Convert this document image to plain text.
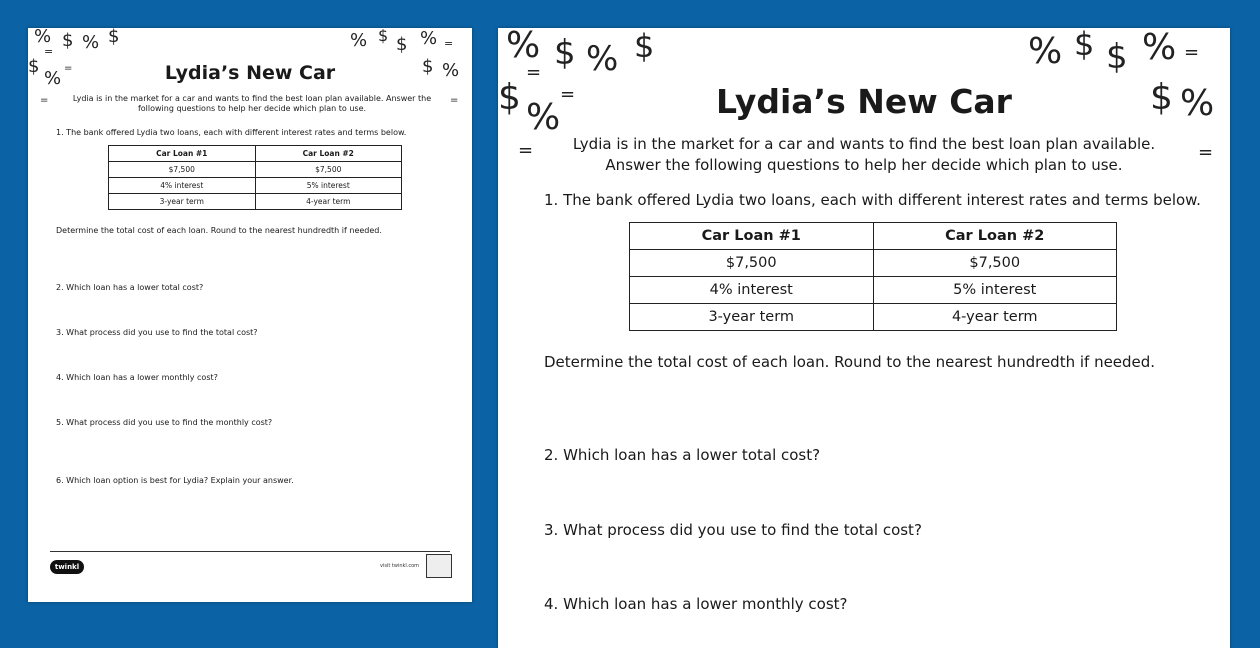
% $ % $
=
$
% =
=
% $ $ % =
$ %
=
Lydia’s New Car
Lydia is in the market for a car and wants to find the best loan plan available. Answer the following questions to help her decide which plan to use.
1. The bank offered Lydia two loans, each with different interest rates and terms below.
Car Loan #1	Car Loan #2
$7,500	$7,500
4% interest	5% interest
3-year term	4-year term
Determine the total cost of each loan. Round to the nearest hundredth if needed.
2. Which loan has a lower total cost?
3. What process did you use to find the total cost?
4. Which loan has a lower monthly cost?
5. What process did you use to find the monthly cost?
6. Which loan option is best for Lydia? Explain your answer.
twinkl	visit twinkl.com
% $ % $
=
$ %
=
=
% $ $ % =
$ %
=
Lydia’s New Car
Lydia is in the market for a car and wants to find the best loan plan available. Answer the following questions to help her decide which plan to use.
1. The bank offered Lydia two loans, each with different interest rates and terms below.
Car Loan #1	Car Loan #2
$7,500	$7,500
4% interest	5% interest
3-year term	4-year term
Determine the total cost of each loan. Round to the nearest hundredth if needed.
2. Which loan has a lower total cost?
3. What process did you use to find the total cost?
4. Which loan has a lower monthly cost?
